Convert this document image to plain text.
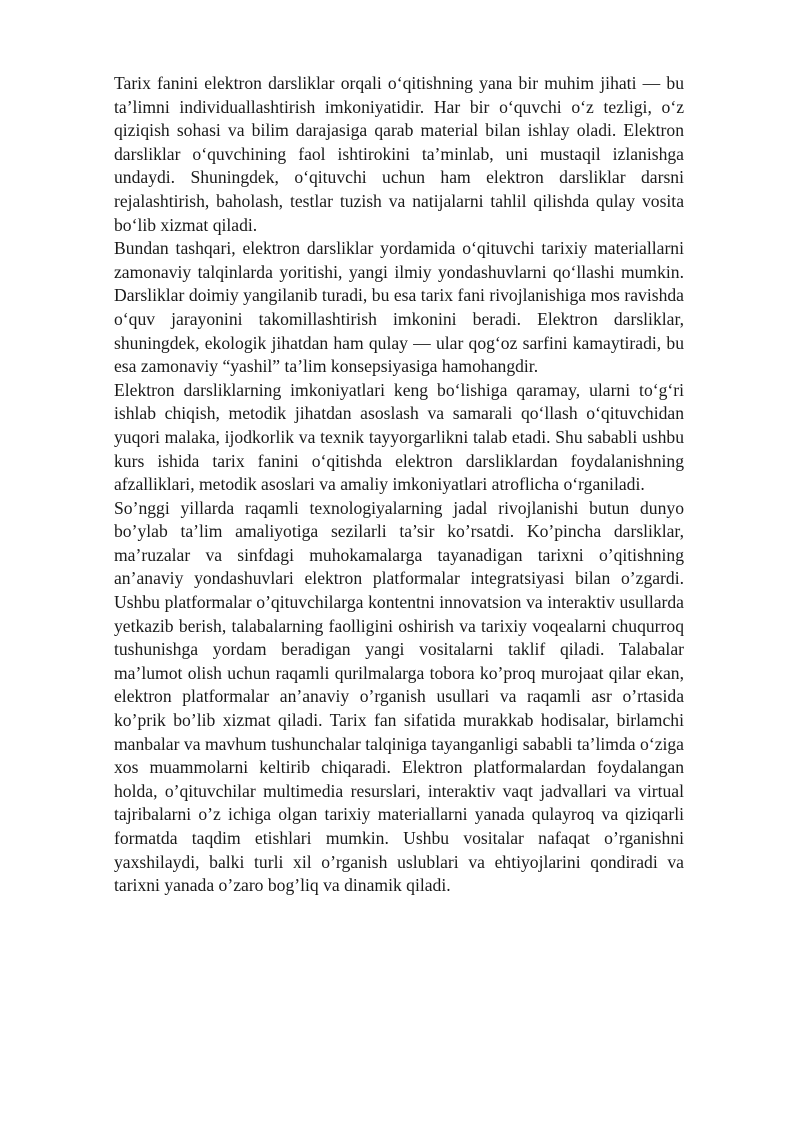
Tarix fanini elektron darsliklar orqali o‘qitishning yana bir muhim jihati — bu ta’limni individuallashtirish imkoniyatidir. Har bir o‘quvchi o‘z tezligi, o‘z qiziqish sohasi va bilim darajasiga qarab material bilan ishlay oladi. Elektron darsliklar o‘quvchining faol ishtirokini ta’minlab, uni mustaqil izlanishga undaydi. Shuningdek, o‘qituvchi uchun ham elektron darsliklar darsni rejalashtirish, baholash, testlar tuzish va natijalarni tahlil qilishda qulay vosita bo‘lib xizmat qiladi.

Bundan tashqari, elektron darsliklar yordamida o‘qituvchi tarixiy materiallarni zamonaviy talqinlarda yoritishi, yangi ilmiy yondashuvlarni qo‘llashi mumkin. Darsliklar doimiy yangilanib turadi, bu esa tarix fani rivojlanishiga mos ravishda o‘quv jarayonini takomillashtirish imkonini beradi. Elektron darsliklar, shuningdek, ekologik jihatdan ham qulay — ular qog‘oz sarfini kamaytiradi, bu esa zamonaviy “yashil” ta’lim konsepsiyasiga hamohangdir.

Elektron darsliklarning imkoniyatlari keng bo‘lishiga qaramay, ularni to‘g‘ri ishlab chiqish, metodik jihatdan asoslash va samarali qo‘llash o‘qituvchidan yuqori malaka, ijodkorlik va texnik tayyorgarlikni talab etadi. Shu sababli ushbu kurs ishida tarix fanini o‘qitishda elektron darsliklardan foydalanishning afzalliklari, metodik asoslari va amaliy imkoniyatlari atroflicha o‘rganiladi.

So’nggi yillarda raqamli texnologiyalarning jadal rivojlanishi butun dunyo bo’ylab ta’lim amaliyotiga sezilarli ta’sir ko’rsatdi. Ko’pincha darsliklar, ma’ruzalar va sinfdagi muhokamalarga tayanadigan tarixni o’qitishning an’anaviy yondashuvlari elektron platformalar integratsiyasi bilan o’zgardi. Ushbu platformalar o’qituvchilarga kontentni innovatsion va interaktiv usullarda yetkazib berish, talabalarning faolligini oshirish va tarixiy voqealarni chuqurroq tushunishga yordam beradigan yangi vositalarni taklif qiladi. Talabalar ma’lumot olish uchun raqamli qurilmalarga tobora ko’proq murojaat qilar ekan, elektron platformalar an’anaviy o’rganish usullari va raqamli asr o’rtasida ko’prik bo’lib xizmat qiladi. Tarix fan sifatida murakkab hodisalar, birlamchi manbalar va mavhum tushunchalar talqiniga tayanganligi sababli ta’limda o‘ziga xos muammolarni keltirib chiqaradi. Elektron platformalardan foydalangan holda, o’qituvchilar multimedia resurslari, interaktiv vaqt jadvallari va virtual tajribalarni o’z ichiga olgan tarixiy materiallarni yanada qulayroq va qiziqarli formatda taqdim etishlari mumkin. Ushbu vositalar nafaqat o’rganishni yaxshilaydi, balki turli xil o’rganish uslublari va ehtiyojlarini qondiradi va tarixni yanada o’zaro bog’liq va dinamik qiladi.
